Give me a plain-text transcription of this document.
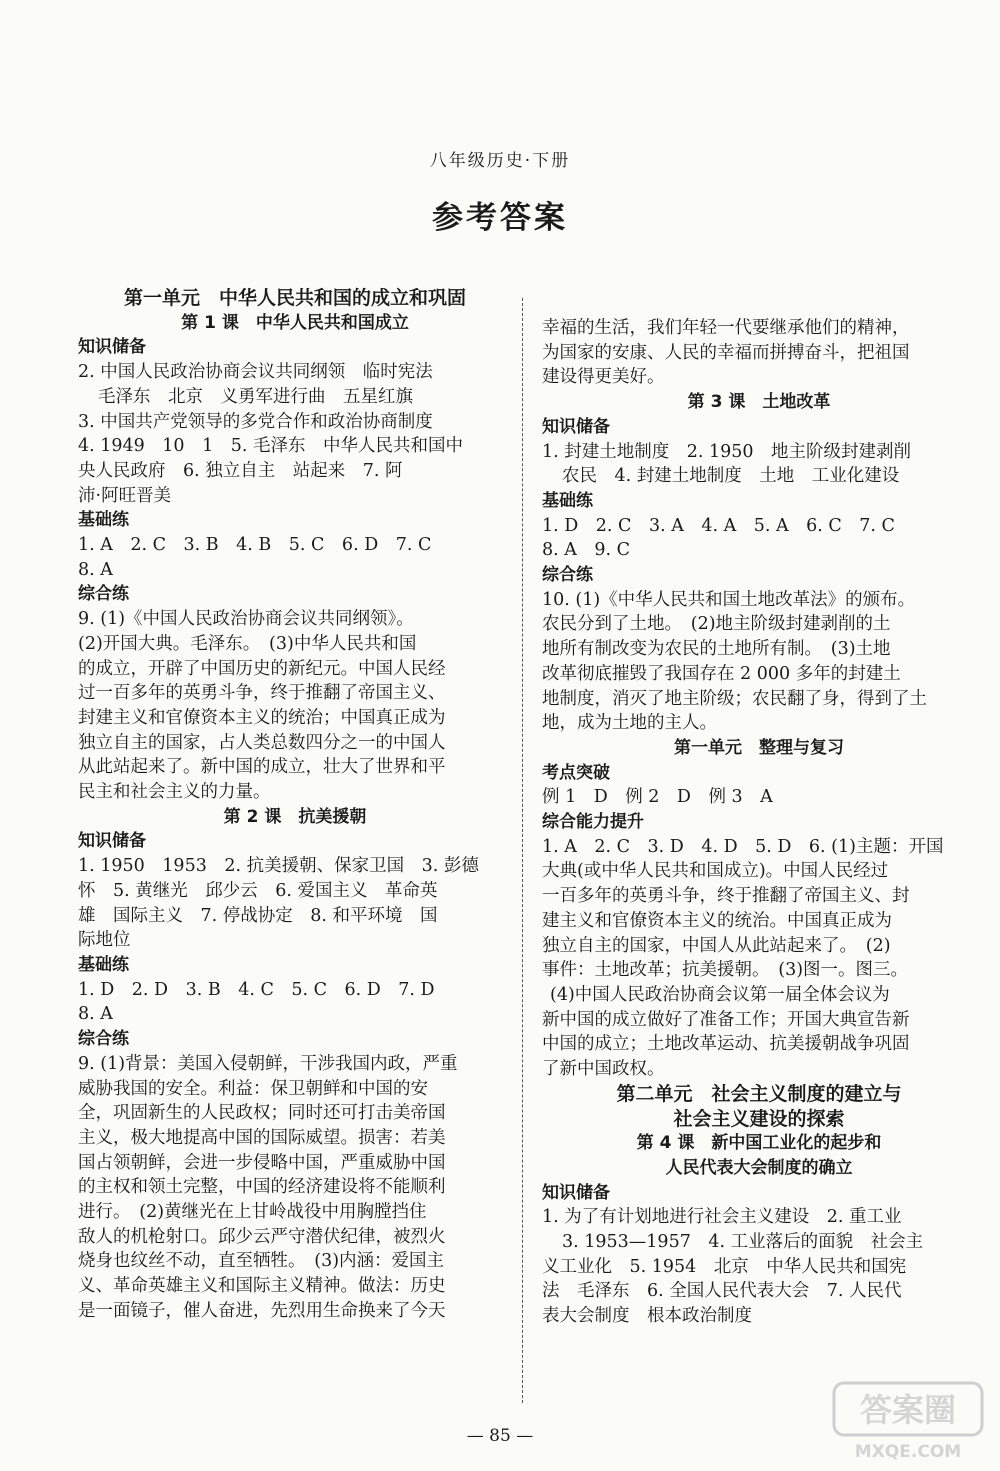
八年级历史·下册
参考答案
第一单元　中华人民共和国的成立和巩固
第 1 课　中华人民共和国成立
知识储备
2. 中国人民政治协商会议共同纲领　临时宪法
毛泽东　北京　义勇军进行曲　五星红旗
3. 中国共产党领导的多党合作和政治协商制度
4. 1949　10　1　5. 毛泽东　中华人民共和国中
央人民政府　6. 独立自主　站起来　7. 阿
沛·阿旺晋美
基础练
1. A　2. C　3. B　4. B　5. C　6. D　7. C
8. A
综合练
9. (1)《中国人民政治协商会议共同纲领》。
(2)开国大典。毛泽东。　(3)中华人民共和国
的成立，开辟了中国历史的新纪元。中国人民经
过一百多年的英勇斗争，终于推翻了帝国主义、
封建主义和官僚资本主义的统治；中国真正成为
独立自主的国家，占人类总数四分之一的中国人
从此站起来了。新中国的成立，壮大了世界和平
民主和社会主义的力量。
第 2 课　抗美援朝
知识储备
1. 1950　1953　2. 抗美援朝、保家卫国　3. 彭德
怀　5. 黄继光　邱少云　6. 爱国主义　革命英
雄　国际主义　7. 停战协定　8. 和平环境　国
际地位
基础练
1. D　2. D　3. B　4. C　5. C　6. D　7. D
8. A
综合练
9. (1)背景：美国入侵朝鲜，干涉我国内政，严重
威胁我国的安全。利益：保卫朝鲜和中国的安
全，巩固新生的人民政权；同时还可打击美帝国
主义，极大地提高中国的国际威望。损害：若美
国占领朝鲜，会进一步侵略中国，严重威胁中国
的主权和领土完整，中国的经济建设将不能顺利
进行。　(2)黄继光在上甘岭战役中用胸膛挡住
敌人的机枪射口。邱少云严守潜伏纪律，被烈火
烧身也纹丝不动，直至牺牲。　(3)内涵：爱国主
义、革命英雄主义和国际主义精神。做法：历史
是一面镜子，催人奋进，先烈用生命换来了今天
幸福的生活，我们年轻一代要继承他们的精神，
为国家的安康、人民的幸福而拼搏奋斗，把祖国
建设得更美好。
第 3 课　土地改革
知识储备
1. 封建土地制度　2. 1950　地主阶级封建剥削
农民　4. 封建土地制度　土地　工业化建设
基础练
1. D　2. C　3. A　4. A　5. A　6. C　7. C
8. A　9. C
综合练
10. (1)《中华人民共和国土地改革法》的颁布。
农民分到了土地。　(2)地主阶级封建剥削的土
地所有制改变为农民的土地所有制。　(3)土地
改革彻底摧毁了我国存在 2 000 多年的封建土
地制度，消灭了地主阶级；农民翻了身，得到了土
地，成为土地的主人。
第一单元　整理与复习
考点突破
例 1　D　例 2　D　例 3　A
综合能力提升
1. A　2. C　3. D　4. D　5. D　6. (1)主题：开国
大典(或中华人民共和国成立)。中国人民经过
一百多年的英勇斗争，终于推翻了帝国主义、封
建主义和官僚资本主义的统治。中国真正成为
独立自主的国家，中国人从此站起来了。　(2)
事件：土地改革；抗美援朝。　(3)图一。图三。
(4)中国人民政治协商会议第一届全体会议为
新中国的成立做好了准备工作；开国大典宣告新
中国的成立；土地改革运动、抗美援朝战争巩固
了新中国政权。
第二单元　社会主义制度的建立与
社会主义建设的探索
第 4 课　新中国工业化的起步和
人民代表大会制度的确立
知识储备
1. 为了有计划地进行社会主义建设　2. 重工业
3. 1953—1957　4. 工业落后的面貌　社会主
义工业化　5. 1954　北京　中华人民共和国宪
法　毛泽东　6. 全国人民代表大会　7. 人民代
表大会制度　根本政治制度
— 85 —
答案圈
MXQE.COM
